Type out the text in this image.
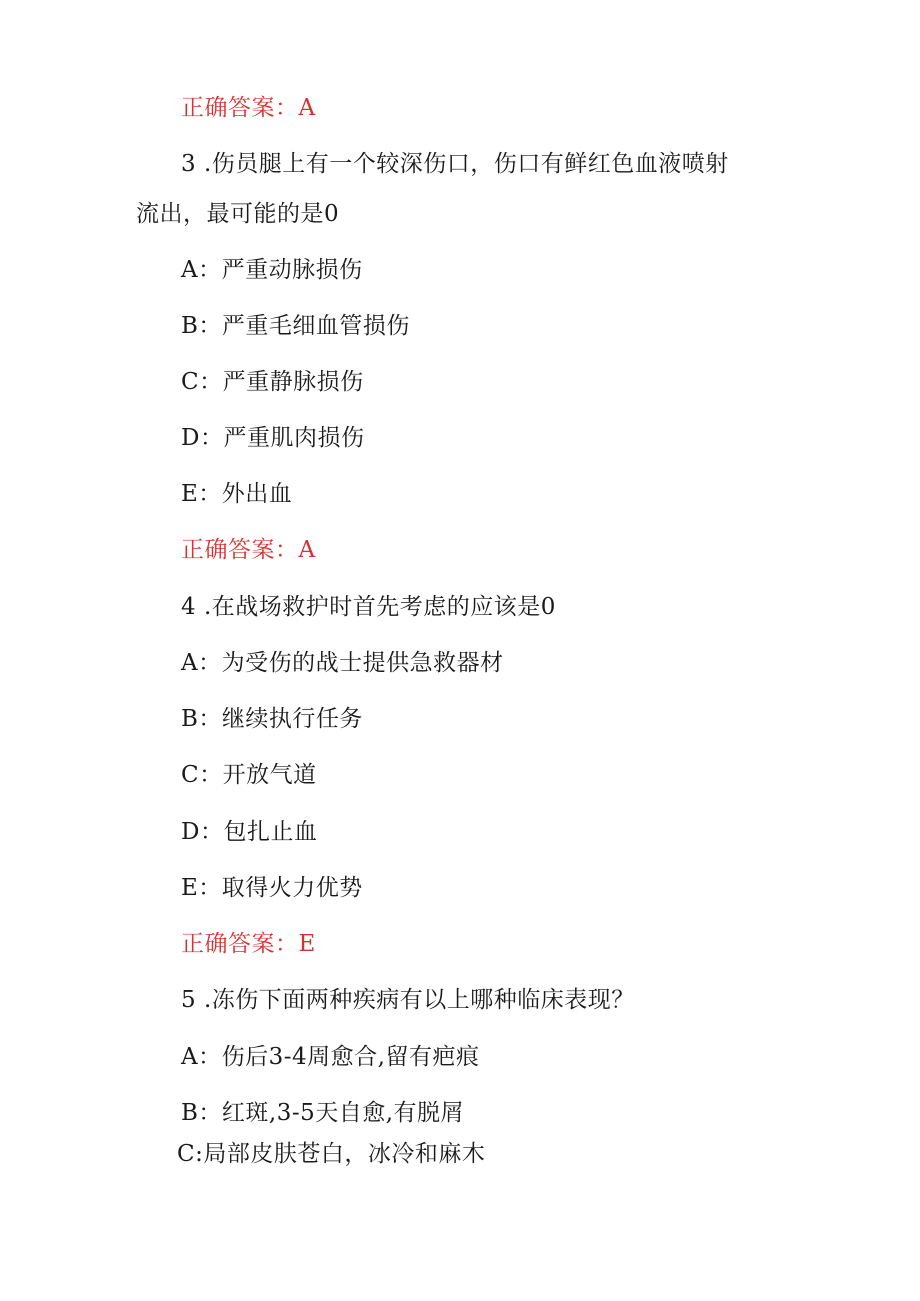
正确答案：A
3 .伤员腿上有一个较深伤口，伤口有鲜红色血液喷射
流出，最可能的是0
A：严重动脉损伤
B：严重毛细血管损伤
C：严重静脉损伤
D：严重肌肉损伤
E：外出血
正确答案：A
4 .在战场救护时首先考虑的应该是0
A：为受伤的战士提供急救器材
B：继续执行任务
C：开放气道
D：包扎止血
E：取得火力优势
正确答案：E
5 .冻伤下面两种疾病有以上哪种临床表现？
A：伤后3-4周愈合,留有疤痕
B：红斑,3-5天自愈,有脱屑
C:局部皮肤苍白，冰冷和麻木
